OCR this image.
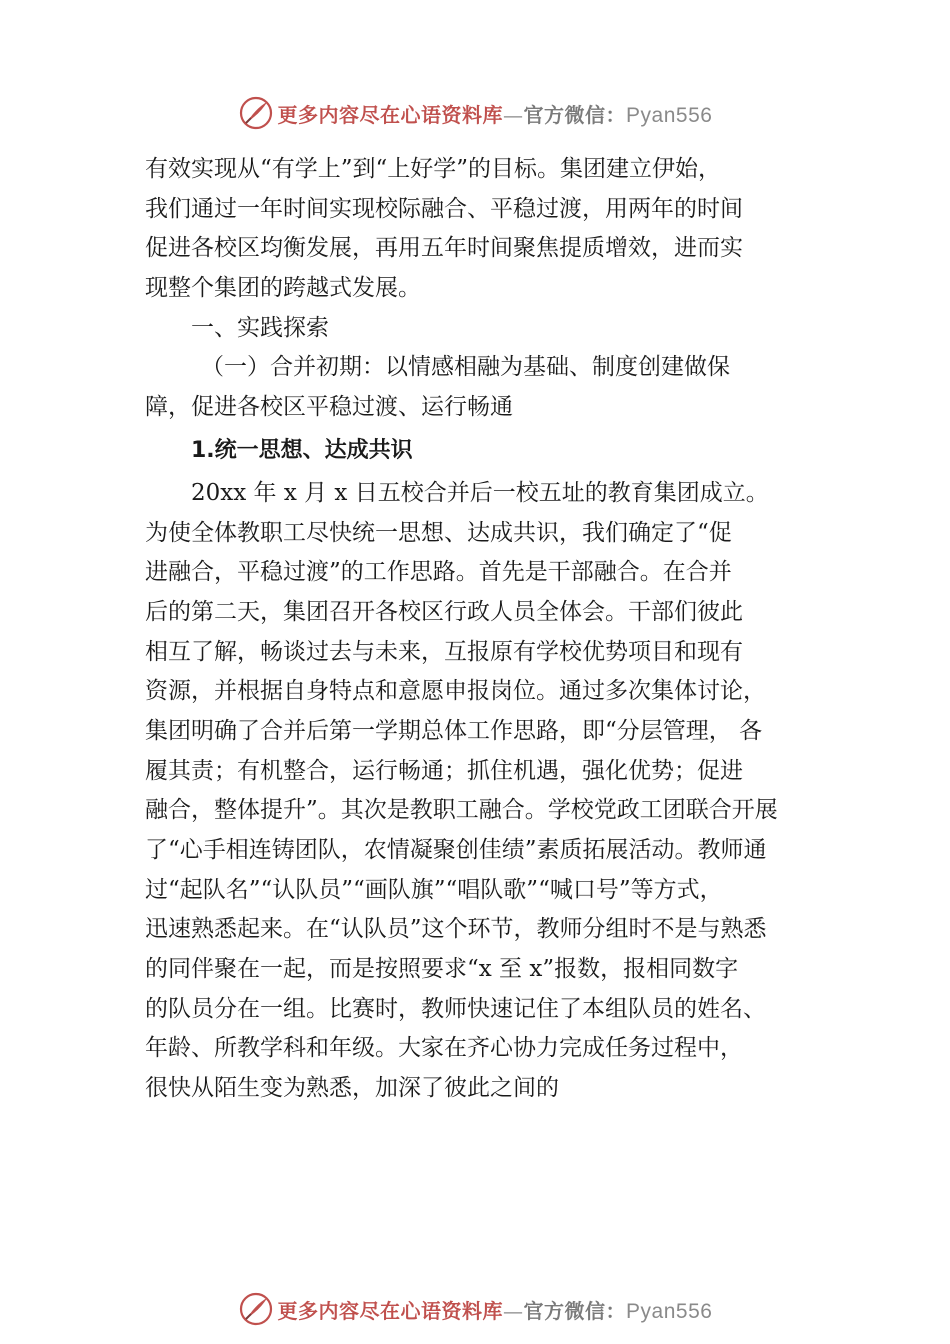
更多内容尽在心语资料库—官方微信：Pyan556
有效实现从“有学上”到“上好学”的目标。集团建立伊始，
我们通过一年时间实现校际融合、平稳过渡，用两年的时间
促进各校区均衡发展，再用五年时间聚焦提质增效，进而实
现整个集团的跨越式发展。
一、实践探索
（一）合并初期：以情感相融为基础、制度创建做保
障，促进各校区平稳过渡、运行畅通
1.统一思想、达成共识
20xx 年 x 月 x 日五校合并后一校五址的教育集团成立。
为使全体教职工尽快统一思想、达成共识，我们确定了“促
进融合，平稳过渡”的工作思路。首先是干部融合。在合并
后的第二天，集团召开各校区行政人员全体会。干部们彼此
相互了解，畅谈过去与未来，互报原有学校优势项目和现有
资源，并根据自身特点和意愿申报岗位。通过多次集体讨论，
集团明确了合并后第一学期总体工作思路，即“分层管理， 各
履其责；有机整合，运行畅通；抓住机遇，强化优势；促进
融合，整体提升”。其次是教职工融合。学校党政工团联合开展
了“心手相连铸团队，农情凝聚创佳绩”素质拓展活动。教师通
过“起队名”“认队员”“画队旗”“唱队歌”“喊口号”等方式，
迅速熟悉起来。在“认队员”这个环节，教师分组时不是与熟悉
的同伴聚在一起，而是按照要求“x 至 x”报数，报相同数字
的队员分在一组。比赛时，教师快速记住了本组队员的姓名、
年龄、所教学科和年级。大家在齐心协力完成任务过程中，
很快从陌生变为熟悉，加深了彼此之间的
更多内容尽在心语资料库—官方微信：Pyan556
